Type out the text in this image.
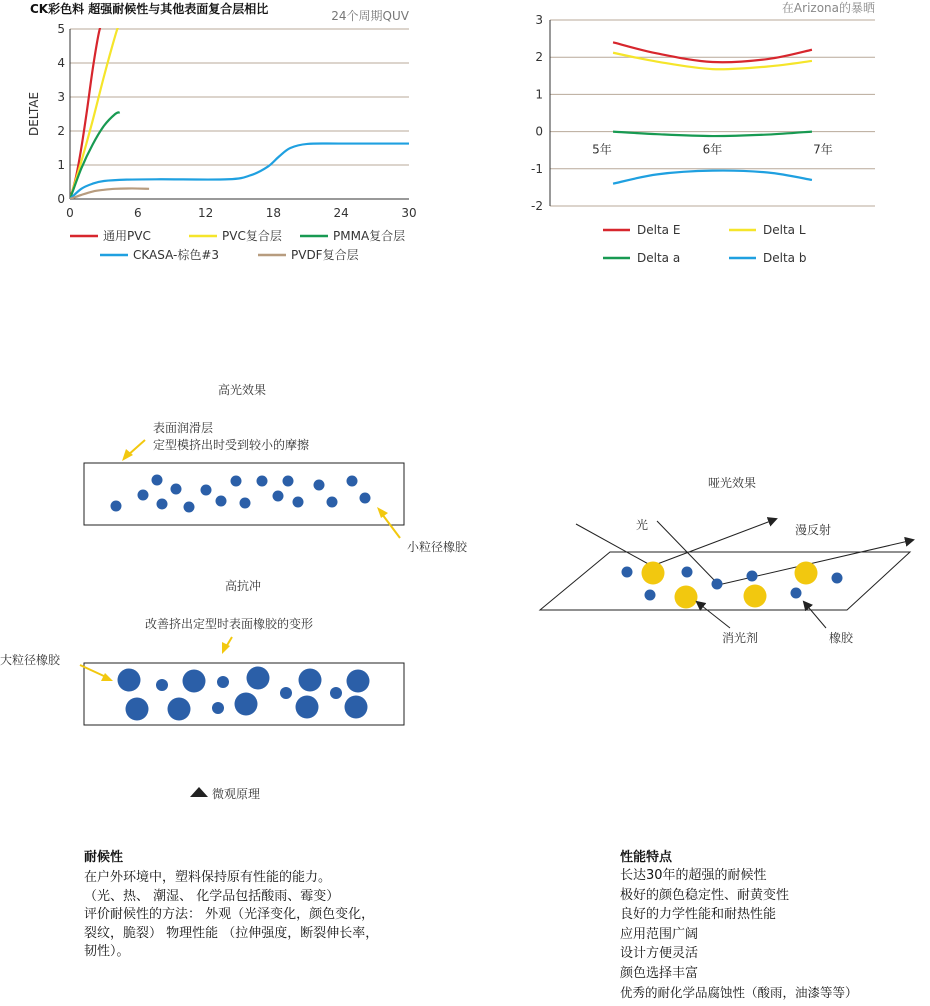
CK彩色料 超强耐候性与其他表面复合层相比	24个周期QUV
0
1
2
3
4
5
0	6	12	18	24	30
DELTAE
通用PVC	PVC复合层	PMMA复合层
CKASA-棕色#3	PVDF复合层
在Arizona的暴晒
-2
-1
0
1
2
3
5年	6年	7年
Delta E	Delta L
Delta a	Delta b
高光效果
表面润滑层
定型模挤出时受到较小的摩擦
小粒径橡胶
高抗冲
改善挤出定型时表面橡胶的变形
大粒径橡胶
微观原理
哑光效果
光	漫反射
消光剂	橡胶
耐候性
在户外环境中，塑料保持原有性能的能力。
（光、热、 潮湿、 化学品包括酸雨、霉变）
评价耐候性的方法： 外观（光泽变化，颜色变化，
裂纹，脆裂） 物理性能 （拉伸强度，断裂伸长率，
韧性）。
性能特点
长达30年的超强的耐候性
极好的颜色稳定性、耐黄变性
良好的力学性能和耐热性能
应用范围广阔
设计方便灵活
颜色选择丰富
优秀的耐化学品腐蚀性（酸雨，油漆等等）
